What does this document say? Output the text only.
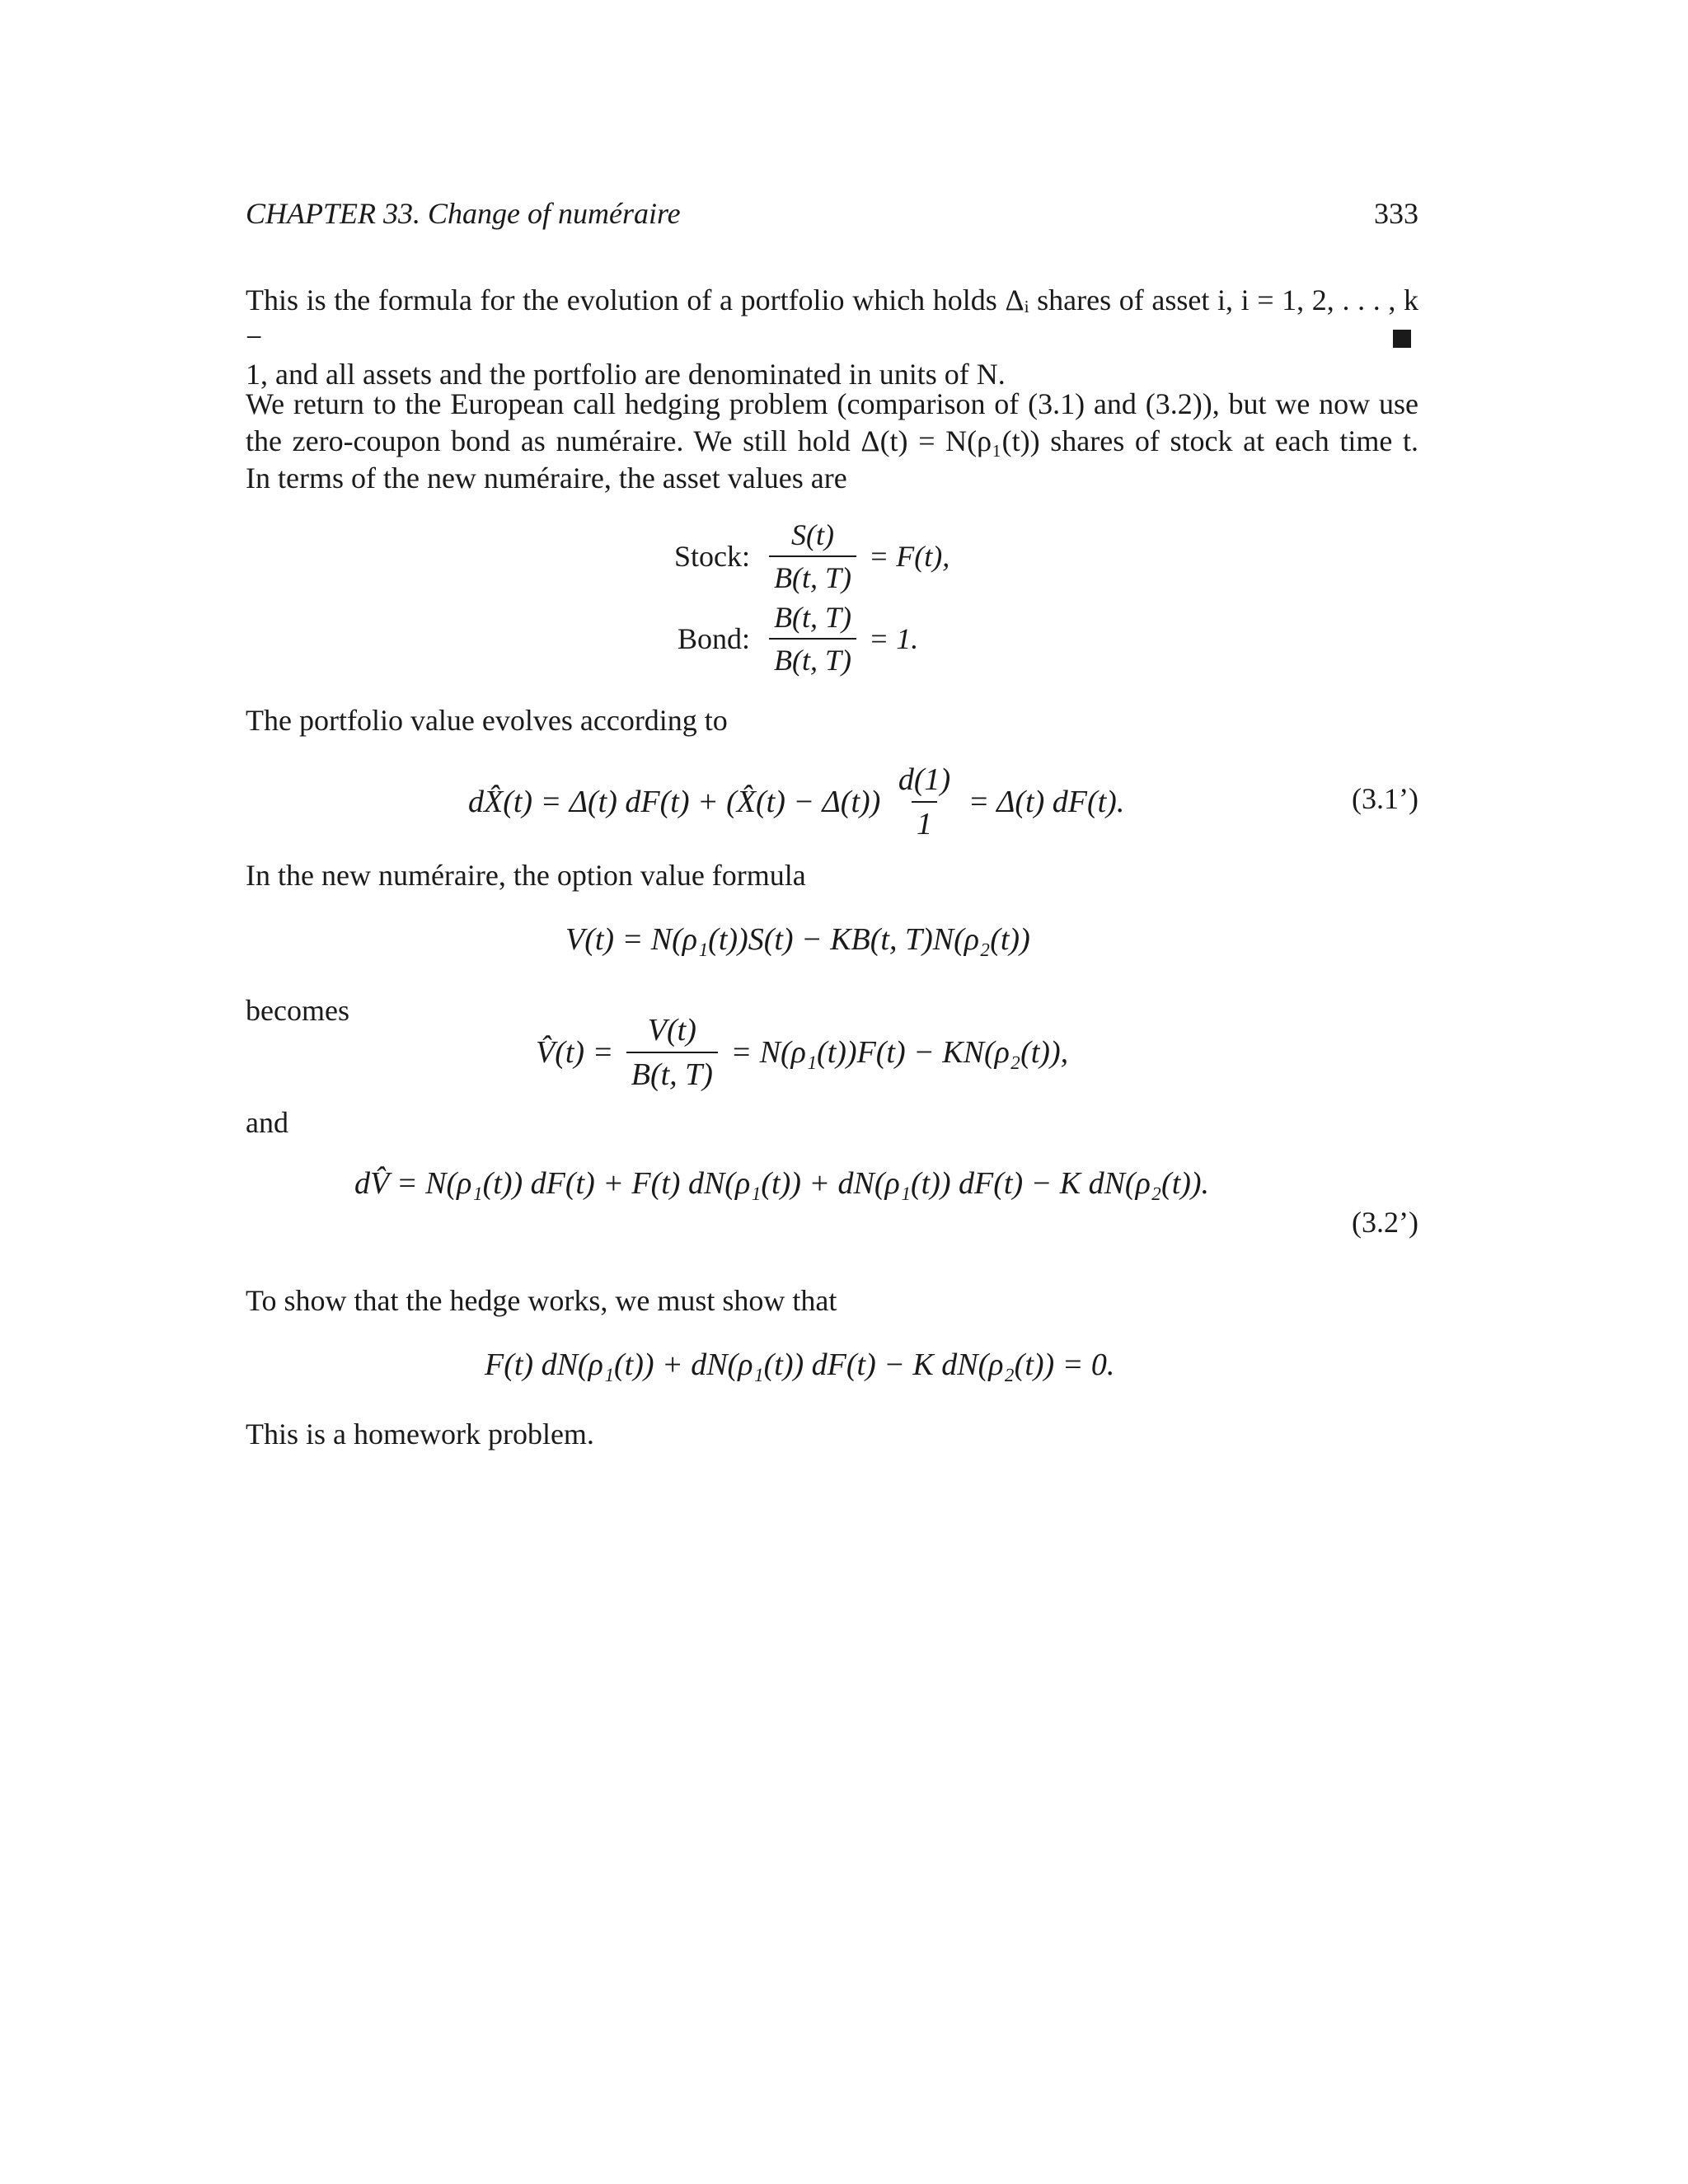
CHAPTER 33. Change of numéraire	333
This is the formula for the evolution of a portfolio which holds Δᵢ shares of asset i, i = 1, 2, . . . , k −
1, and all assets and the portfolio are denominated in units of N.
We return to the European call hedging problem (comparison of (3.1) and (3.2)), but we now use
the zero-coupon bond as numéraire. We still hold Δ(t) = N(ρ₁(t)) shares of stock at each time t.
In terms of the new numéraire, the asset values are
Stock: $\frac{S(t)}{B(t, T)} = F(t)$,
Bond: $\frac{B(t, T)}{B(t, T)} = 1$.
The portfolio value evolves according to
dX̂(t) = Δ(t) dF(t) + (X̂(t) − $\Delta(t)) \frac{d(1)}{1} = \Delta(t)$ dF(t).	(3.1’)
In the new numéraire, the option value formula
V(t) = N(ρ₁(t))S(t) − KB(t, T)N(ρ₂(t))
becomes
V̂(t) = $\frac{V(t)}{B(t, T)} = N(\rho_1(t))F(t) - KN(\rho_2(t))$,
and
dV̂ = N(ρ₁(t)) dF(t) + F(t) dN(ρ₁(t)) + dN(ρ₁(t)) dF(t) − K dN(ρ₂(t)).
(3.2’)
To show that the hedge works, we must show that
F(t) dN(ρ₁(t)) + dN(ρ₁(t)) dF(t) − K dN(ρ₂(t)) = 0.
This is a homework problem.
